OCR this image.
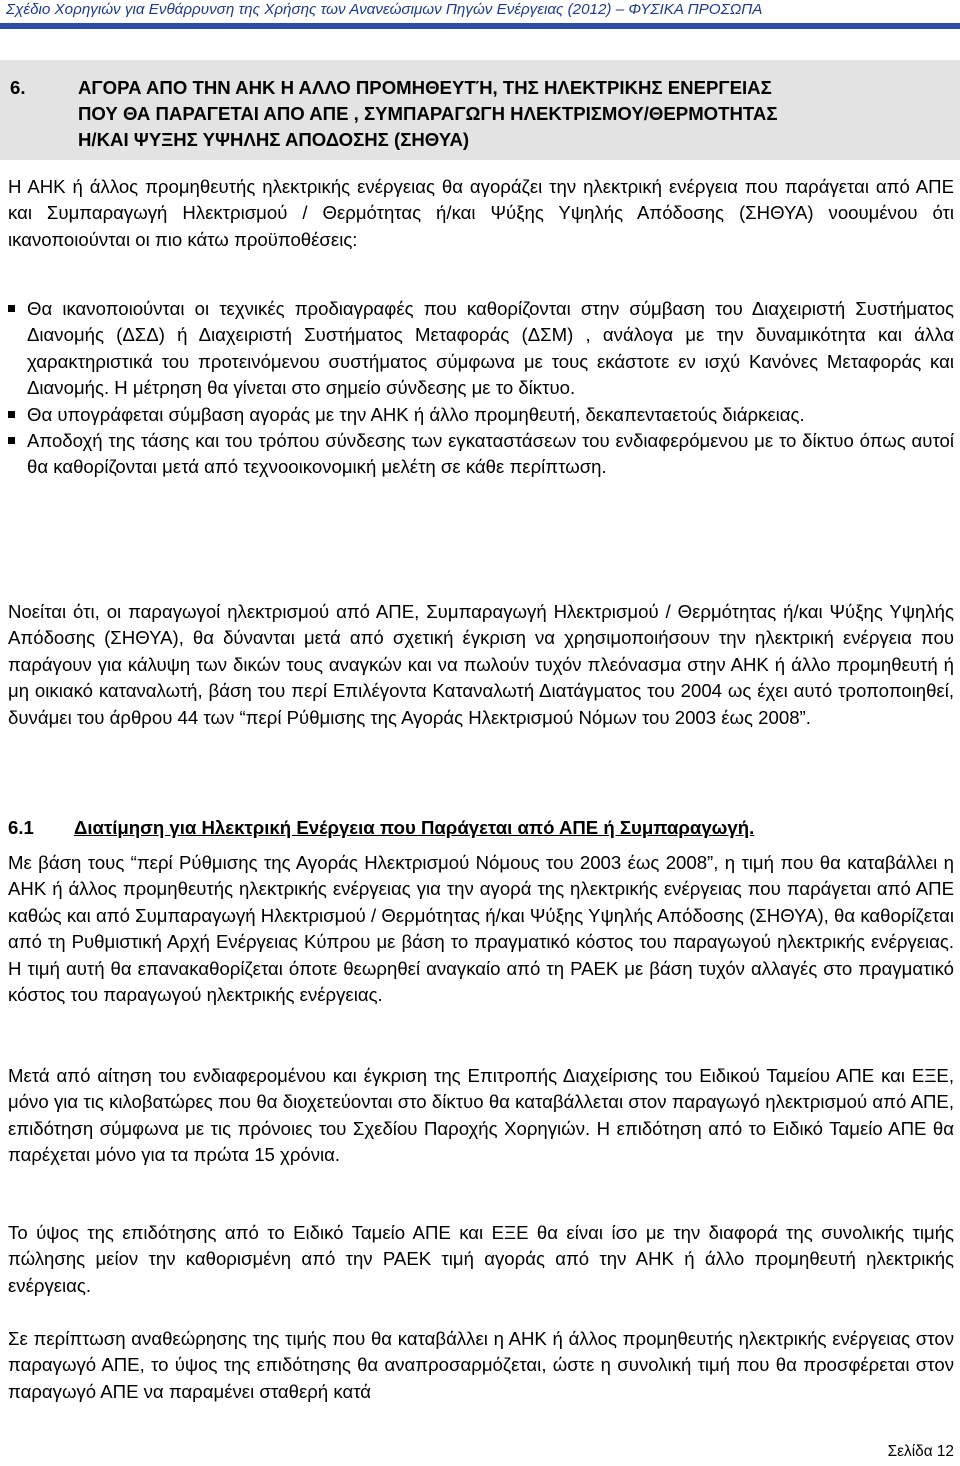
Σχέδιο Χορηγιών για Ενθάρρυνση της Χρήσης των Ανανεώσιμων Πηγών Ενέργειας (2012) – ΦΥΣΙΚΑ ΠΡΟΣΩΠΑ
6.	ΑΓΟΡΑ ΑΠΟ ΤΗΝ ΑΗΚ Η ΑΛΛΟ ΠΡΟΜΗΘΕΥΤΉ, ΤΗΣ ΗΛΕΚΤΡΙΚΗΣ ΕΝΕΡΓΕΙΑΣ
ΠΟΥ ΘΑ ΠΑΡΑΓΕΤΑΙ ΑΠΟ ΑΠΕ , ΣΥΜΠΑΡΑΓΩΓΗ ΗΛΕΚΤΡΙΣΜΟΥ/ΘΕΡΜΟΤΗΤΑΣ
Η/ΚΑΙ ΨΥΞΗΣ ΥΨΗΛΗΣ ΑΠΟΔΟΣΗΣ (ΣΗΘΥΑ)
Η ΑΗΚ ή άλλος προμηθευτής ηλεκτρικής ενέργειας θα αγοράζει την ηλεκτρική ενέργεια που παράγεται από ΑΠΕ και Συμπαραγωγή Ηλεκτρισμού / Θερμότητας ή/και Ψύξης Υψηλής Απόδοσης (ΣΗΘΥΑ) νοουμένου ότι ικανοποιούνται οι πιο κάτω προϋποθέσεις:
Θα ικανοποιούνται οι τεχνικές προδιαγραφές που καθορίζονται στην σύμβαση του Διαχειριστή Συστήματος Διανομής (ΔΣΔ) ή Διαχειριστή Συστήματος Μεταφοράς (ΔΣΜ) , ανάλογα με την δυναμικότητα και άλλα χαρακτηριστικά του προτεινόμενου συστήματος σύμφωνα με τους εκάστοτε εν ισχύ Κανόνες Μεταφοράς και Διανομής. Η μέτρηση θα γίνεται στο σημείο σύνδεσης με το δίκτυο.
Θα υπογράφεται σύμβαση αγοράς με την ΑΗΚ ή άλλο προμηθευτή, δεκαπενταετούς διάρκειας.
Αποδοχή της τάσης και του τρόπου σύνδεσης των εγκαταστάσεων του ενδιαφερόμενου με το δίκτυο όπως αυτοί θα καθορίζονται μετά από τεχνοοικονομική μελέτη σε κάθε περίπτωση.
Νοείται ότι, οι παραγωγοί ηλεκτρισμού από ΑΠΕ, Συμπαραγωγή Ηλεκτρισμού / Θερμότητας ή/και Ψύξης Υψηλής Απόδοσης (ΣΗΘΥΑ), θα δύνανται μετά από σχετική έγκριση να χρησιμοποιήσουν την ηλεκτρική ενέργεια που παράγουν για κάλυψη των δικών τους αναγκών και να πωλούν τυχόν πλεόνασμα στην ΑΗΚ ή άλλο προμηθευτή ή μη οικιακό καταναλωτή, βάση του περί Επιλέγοντα Καταναλωτή Διατάγματος του 2004 ως έχει αυτό τροποποιηθεί, δυνάμει του άρθρου 44 των “περί Ρύθμισης της Αγοράς Ηλεκτρισμού Νόμων του 2003 έως 2008”.
6.1 Διατίμηση για Ηλεκτρική Ενέργεια που Παράγεται από ΑΠΕ ή Συμπαραγωγή.
Με βάση τους “περί Ρύθμισης της Αγοράς Ηλεκτρισμού Νόμους του 2003 έως 2008”, η τιμή που θα καταβάλλει η ΑΗΚ ή άλλος προμηθευτής ηλεκτρικής ενέργειας για την αγορά της ηλεκτρικής ενέργειας που παράγεται από ΑΠΕ καθώς και από Συμπαραγωγή Ηλεκτρισμού / Θερμότητας ή/και Ψύξης Υψηλής Απόδοσης (ΣΗΘΥΑ), θα καθορίζεται από τη Ρυθμιστική Αρχή Ενέργειας Κύπρου με βάση το πραγματικό κόστος του παραγωγού ηλεκτρικής ενέργειας. Η τιμή αυτή θα επανακαθορίζεται όποτε θεωρηθεί αναγκαίο από τη ΡΑΕΚ με βάση τυχόν αλλαγές στο πραγματικό κόστος του παραγωγού ηλεκτρικής ενέργειας.
Μετά από αίτηση του ενδιαφερομένου και έγκριση της Επιτροπής Διαχείρισης του Ειδικού Ταμείου ΑΠΕ και ΕΞΕ, μόνο για τις κιλοβατώρες που θα διοχετεύονται στο δίκτυο θα καταβάλλεται στον παραγωγό ηλεκτρισμού από ΑΠΕ, επιδότηση σύμφωνα με τις πρόνοιες του Σχεδίου Παροχής Χορηγιών. Η επιδότηση από το Ειδικό Ταμείο ΑΠΕ θα παρέχεται μόνο για τα πρώτα 15 χρόνια.
Το ύψος της επιδότησης από το Ειδικό Ταμείο ΑΠΕ και ΕΞΕ θα είναι ίσο με την διαφορά της συνολικής τιμής πώλησης μείον την καθορισμένη από την ΡΑΕΚ τιμή αγοράς από την ΑΗΚ ή άλλο προμηθευτή ηλεκτρικής ενέργειας.
Σε περίπτωση αναθεώρησης της τιμής που θα καταβάλλει η ΑΗΚ ή άλλος προμηθευτής ηλεκτρικής ενέργειας στον παραγωγό ΑΠΕ, το ύψος της επιδότησης θα αναπροσαρμόζεται, ώστε η συνολική τιμή που θα προσφέρεται στον παραγωγό ΑΠΕ να παραμένει σταθερή κατά
Σελίδα 12
